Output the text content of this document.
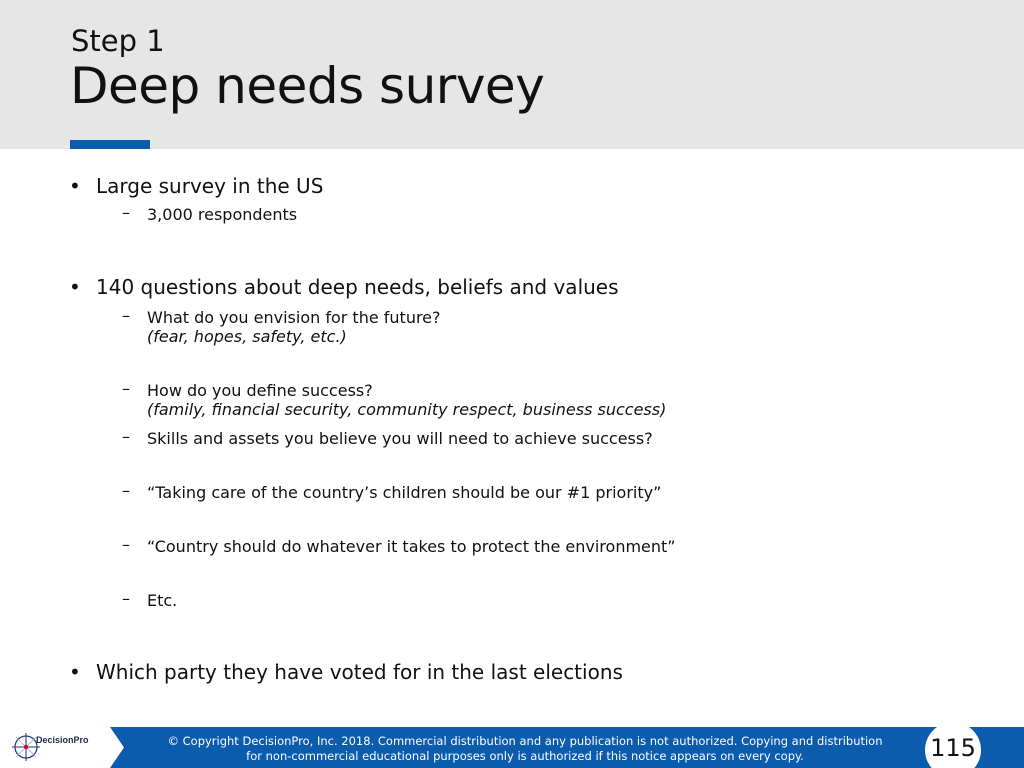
Step 1
Deep needs survey
• Large survey in the US
– 3,000 respondents
• 140 questions about deep needs, beliefs and values
– What do you envision for the future?
(fear, hopes, safety, etc.)
– How do you define success?
(family, financial security, community respect, business success)
– Skills and assets you believe you will need to achieve success?
– “Taking care of the country’s children should be our #1 priority”
– “Country should do whatever it takes to protect the environment”
– Etc.
• Which party they have voted for in the last elections
DecisionPro	© Copyright DecisionPro, Inc. 2018. Commercial distribution and any publication is not authorized. Copying and distribution
for non-commercial educational purposes only is authorized if this notice appears on every copy.	115
